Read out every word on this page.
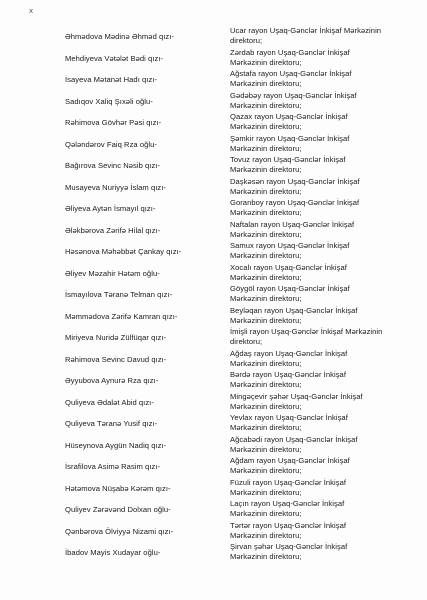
x
Əhmədova Mədinə Əhməd qızı-
Ucar rayon Uşaq-Gənclər İnkişaf Mərkəzinin
direktoru;
Mehdiyeva Vətələt Bədi qızı-
Zərdab rayon Uşaq-Gənclər İnkişaf
Mərkəzinin direktoru;
İsayeva Mətanət Hadı qızı-
Ağstafa rayon Uşaq-Gənclər İnkişaf
Mərkəzinin direktoru;
Sadıqov Xaliq Şıxəli oğlu-
Gədəbəy rayon Uşaq-Gənclər İnkişaf
Mərkəzinin direktoru;
Rəhimova Gövhər Pəsi qızı-
Qazax rayon Uşaq-Gənclər İnkişaf
Mərkəzinin direktoru;
Qələndərov Faiq Rza oğlu-
Şəmkir rayon Uşaq-Gənclər İnkişaf
Mərkəzinin direktoru;
Bağırova Sevinc Nəsib qızı-
Tovuz rayon Uşaq-Gənclər İnkişaf
Mərkəzinin direktoru;
Musayeva Nuriyyə İslam qızı-
Daşkəsən rayon Uşaq-Gənclər İnkişaf
Mərkəzinin direktoru;
Əliyeva Aytən İsmayıl qızı-
Goranboy rayon Uşaq-Gənclər İnkişaf
Mərkəzinin direktoru;
Ələkbərova Zərifə Hilal qızı-
Naftalan rayon Uşaq-Gənclər İnkişaf
Mərkəzinin direktoru;
Həsənova Məhəbbət Çankay qızı-
Samux rayon Uşaq-Gənclər İnkişaf
Mərkəzinin direktoru;
Əliyev Məzahir Hətəm oğlu-
Xocalı rayon Uşaq-Gənclər İnkişaf
Mərkəzinin direktoru;
İsmayılova Təranə Telman qızı-
Göygöl rayon Uşaq-Gənclər İnkişaf
Mərkəzinin direktoru;
Məmmədova Zərifə Kamran qızı-
Beyləqan rayon Uşaq-Gənclər İnkişaf
Mərkəzinin direktoru;
Miriyeva Nuridə Zülfüqar qızı-
İmişli rayon Uşaq-Gənclər İnkişaf Mərkəzinin
direktoru;
Rəhimova Sevinc Davud qızı-
Ağdaş rayon Uşaq-Gənclər İnkişaf
Mərkəzinin direktoru;
Əyyubova Aynurə Rza qızı-
Bərdə rayon Uşaq-Gənclər İnkişaf
Mərkəzinin direktoru;
Quliyeva Ədalət Abid qızı-
Mingəçevir şəhər Uşaq-Gənclər İnkişaf
Mərkəzinin direktoru;
Quliyeva Təranə Yusif qızı-
Yevlax rayon Uşaq-Gənclər İnkişaf
Mərkəzinin direktoru;
Hüseynova Aygün Nadiq qızı-
Ağcabədi rayon Uşaq-Gənclər İnkişaf
Mərkəzinin direktoru;
İsrafilova Asimə Rasim qızı-
Ağdam rayon Uşaq-Gənclər İnkişaf
Mərkəzinin direktoru;
Hətəmova Nüşabə Kərəm qızı-
Füzuli rayon Uşaq-Gənclər İnkişaf
Mərkəzinin direktoru;
Quliyev Zərəvənd Dolxan oğlu-
Laçın rayon Uşaq-Gənclər İnkişaf
Mərkəzinin direktoru;
Qənbərova Ölviyyə Nizami qızı-
Tərtər rayon Uşaq-Gənclər İnkişaf
Mərkəzinin direktoru;
İbadov Mayis Xudayar oğlu-
Şirvan şəhər Uşaq-Gənclər İnkişaf
Mərkəzinin direktoru;
